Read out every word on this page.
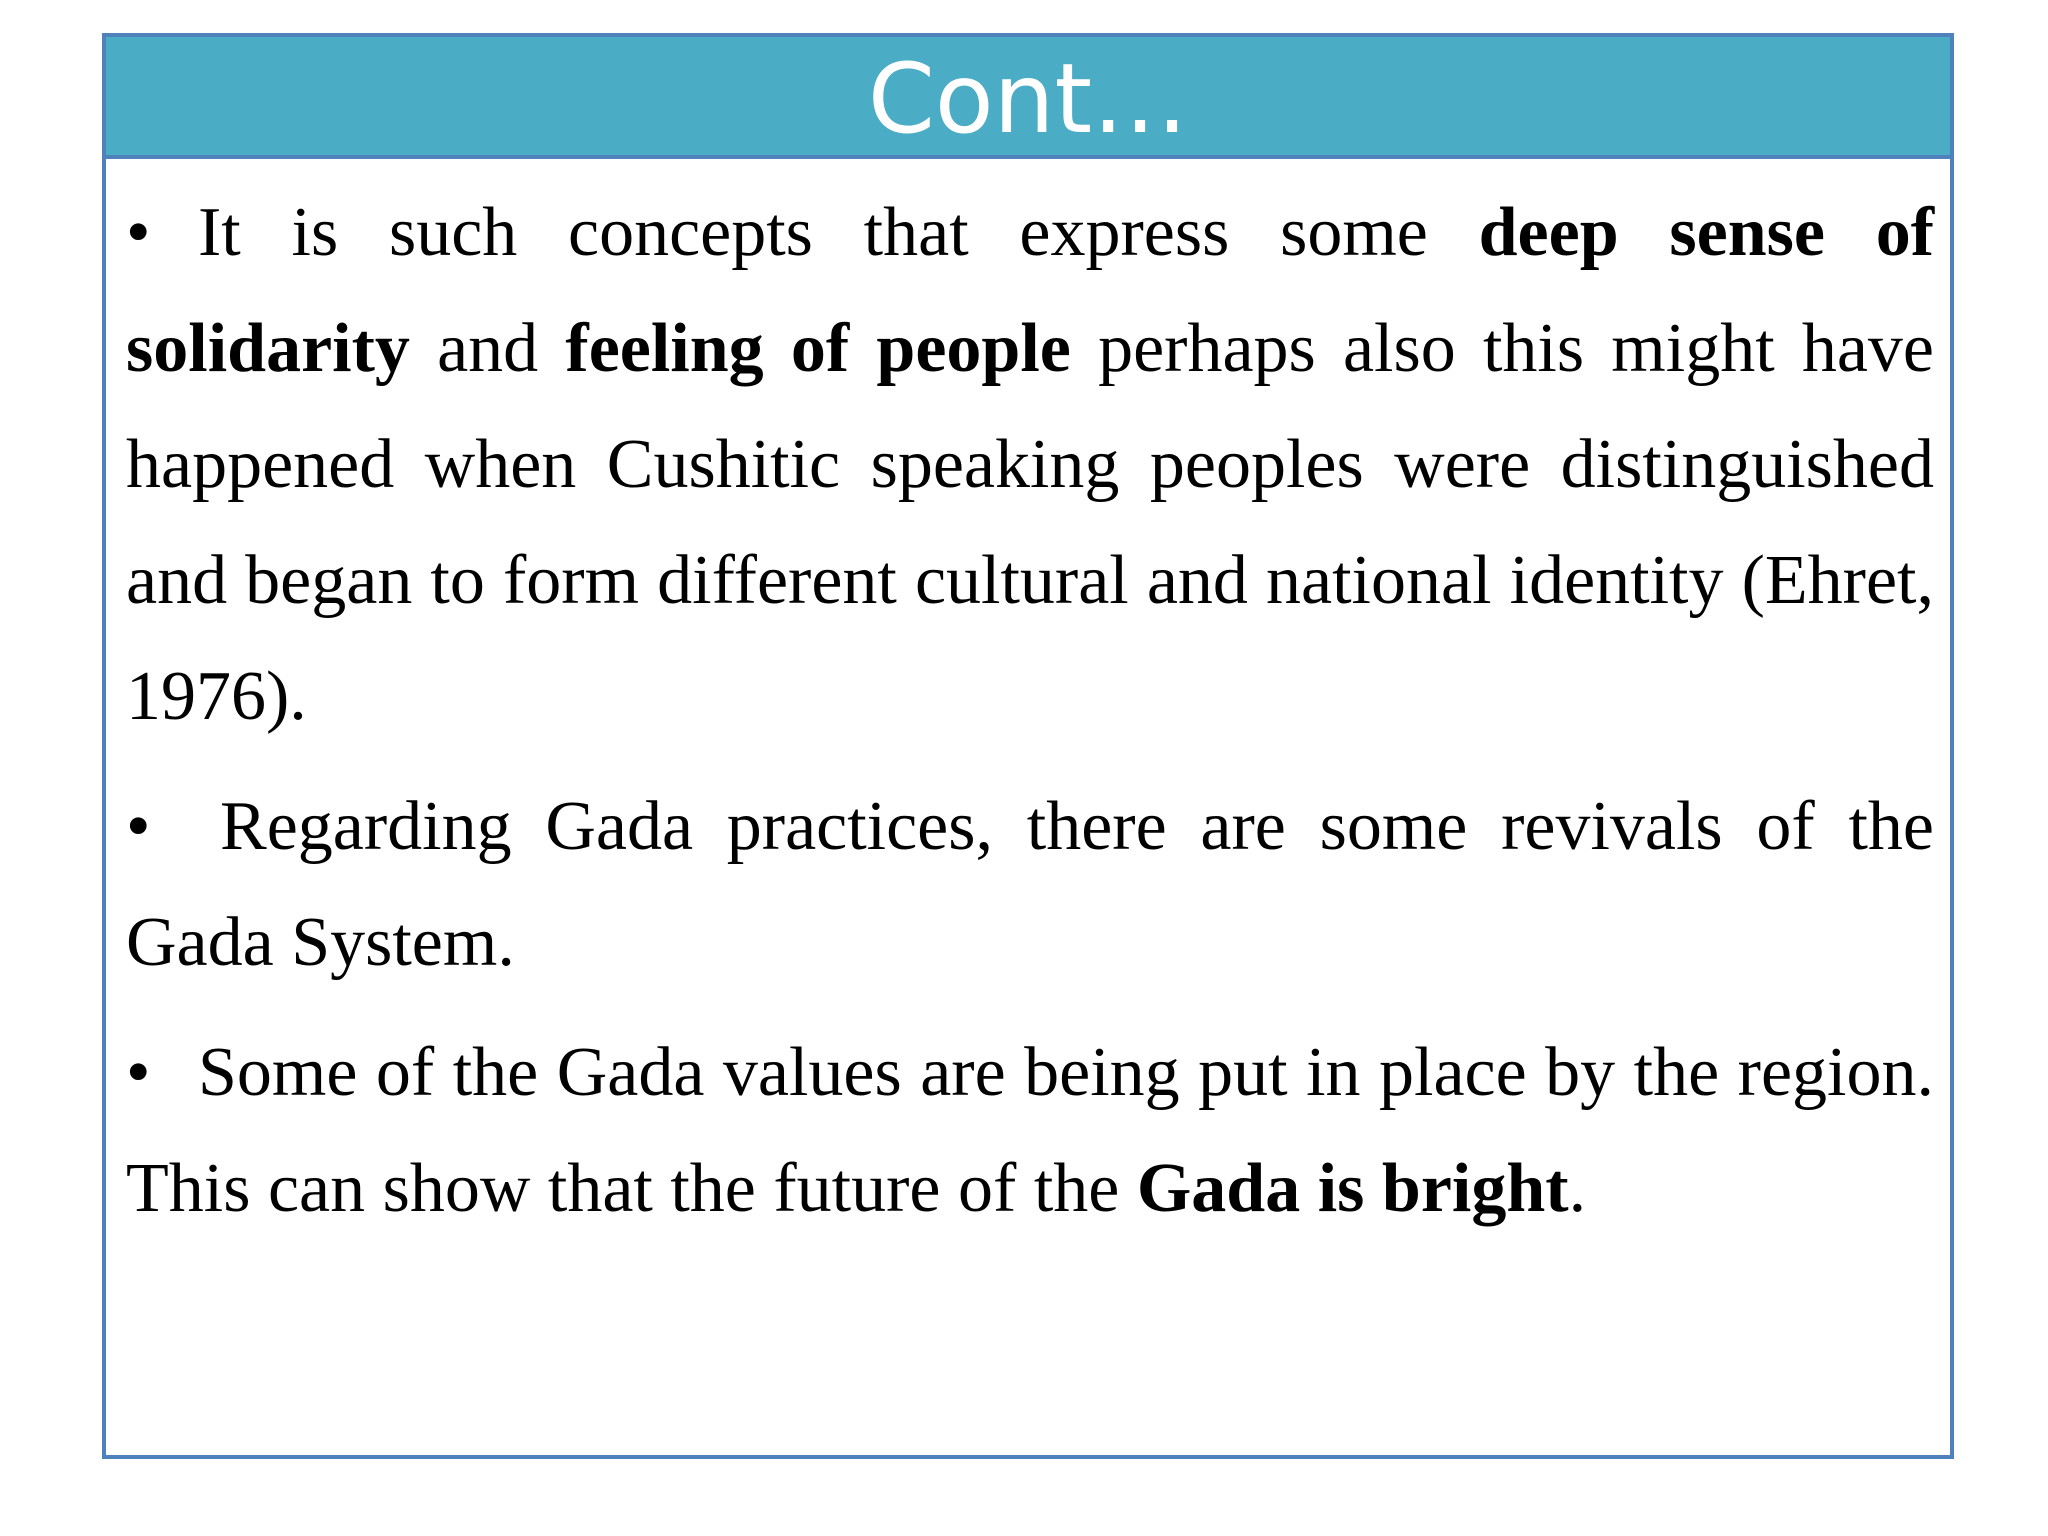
Cont…

• It is such concepts that express some deep sense of solidarity and feeling of people perhaps also this might have happened when Cushitic speaking peoples were distinguished and began to form different cultural and national identity (Ehret, 1976).

• Regarding Gada practices, there are some revivals of the Gada System.

• Some of the Gada values are being put in place by the region. This can show that the future of the Gada is bright.
